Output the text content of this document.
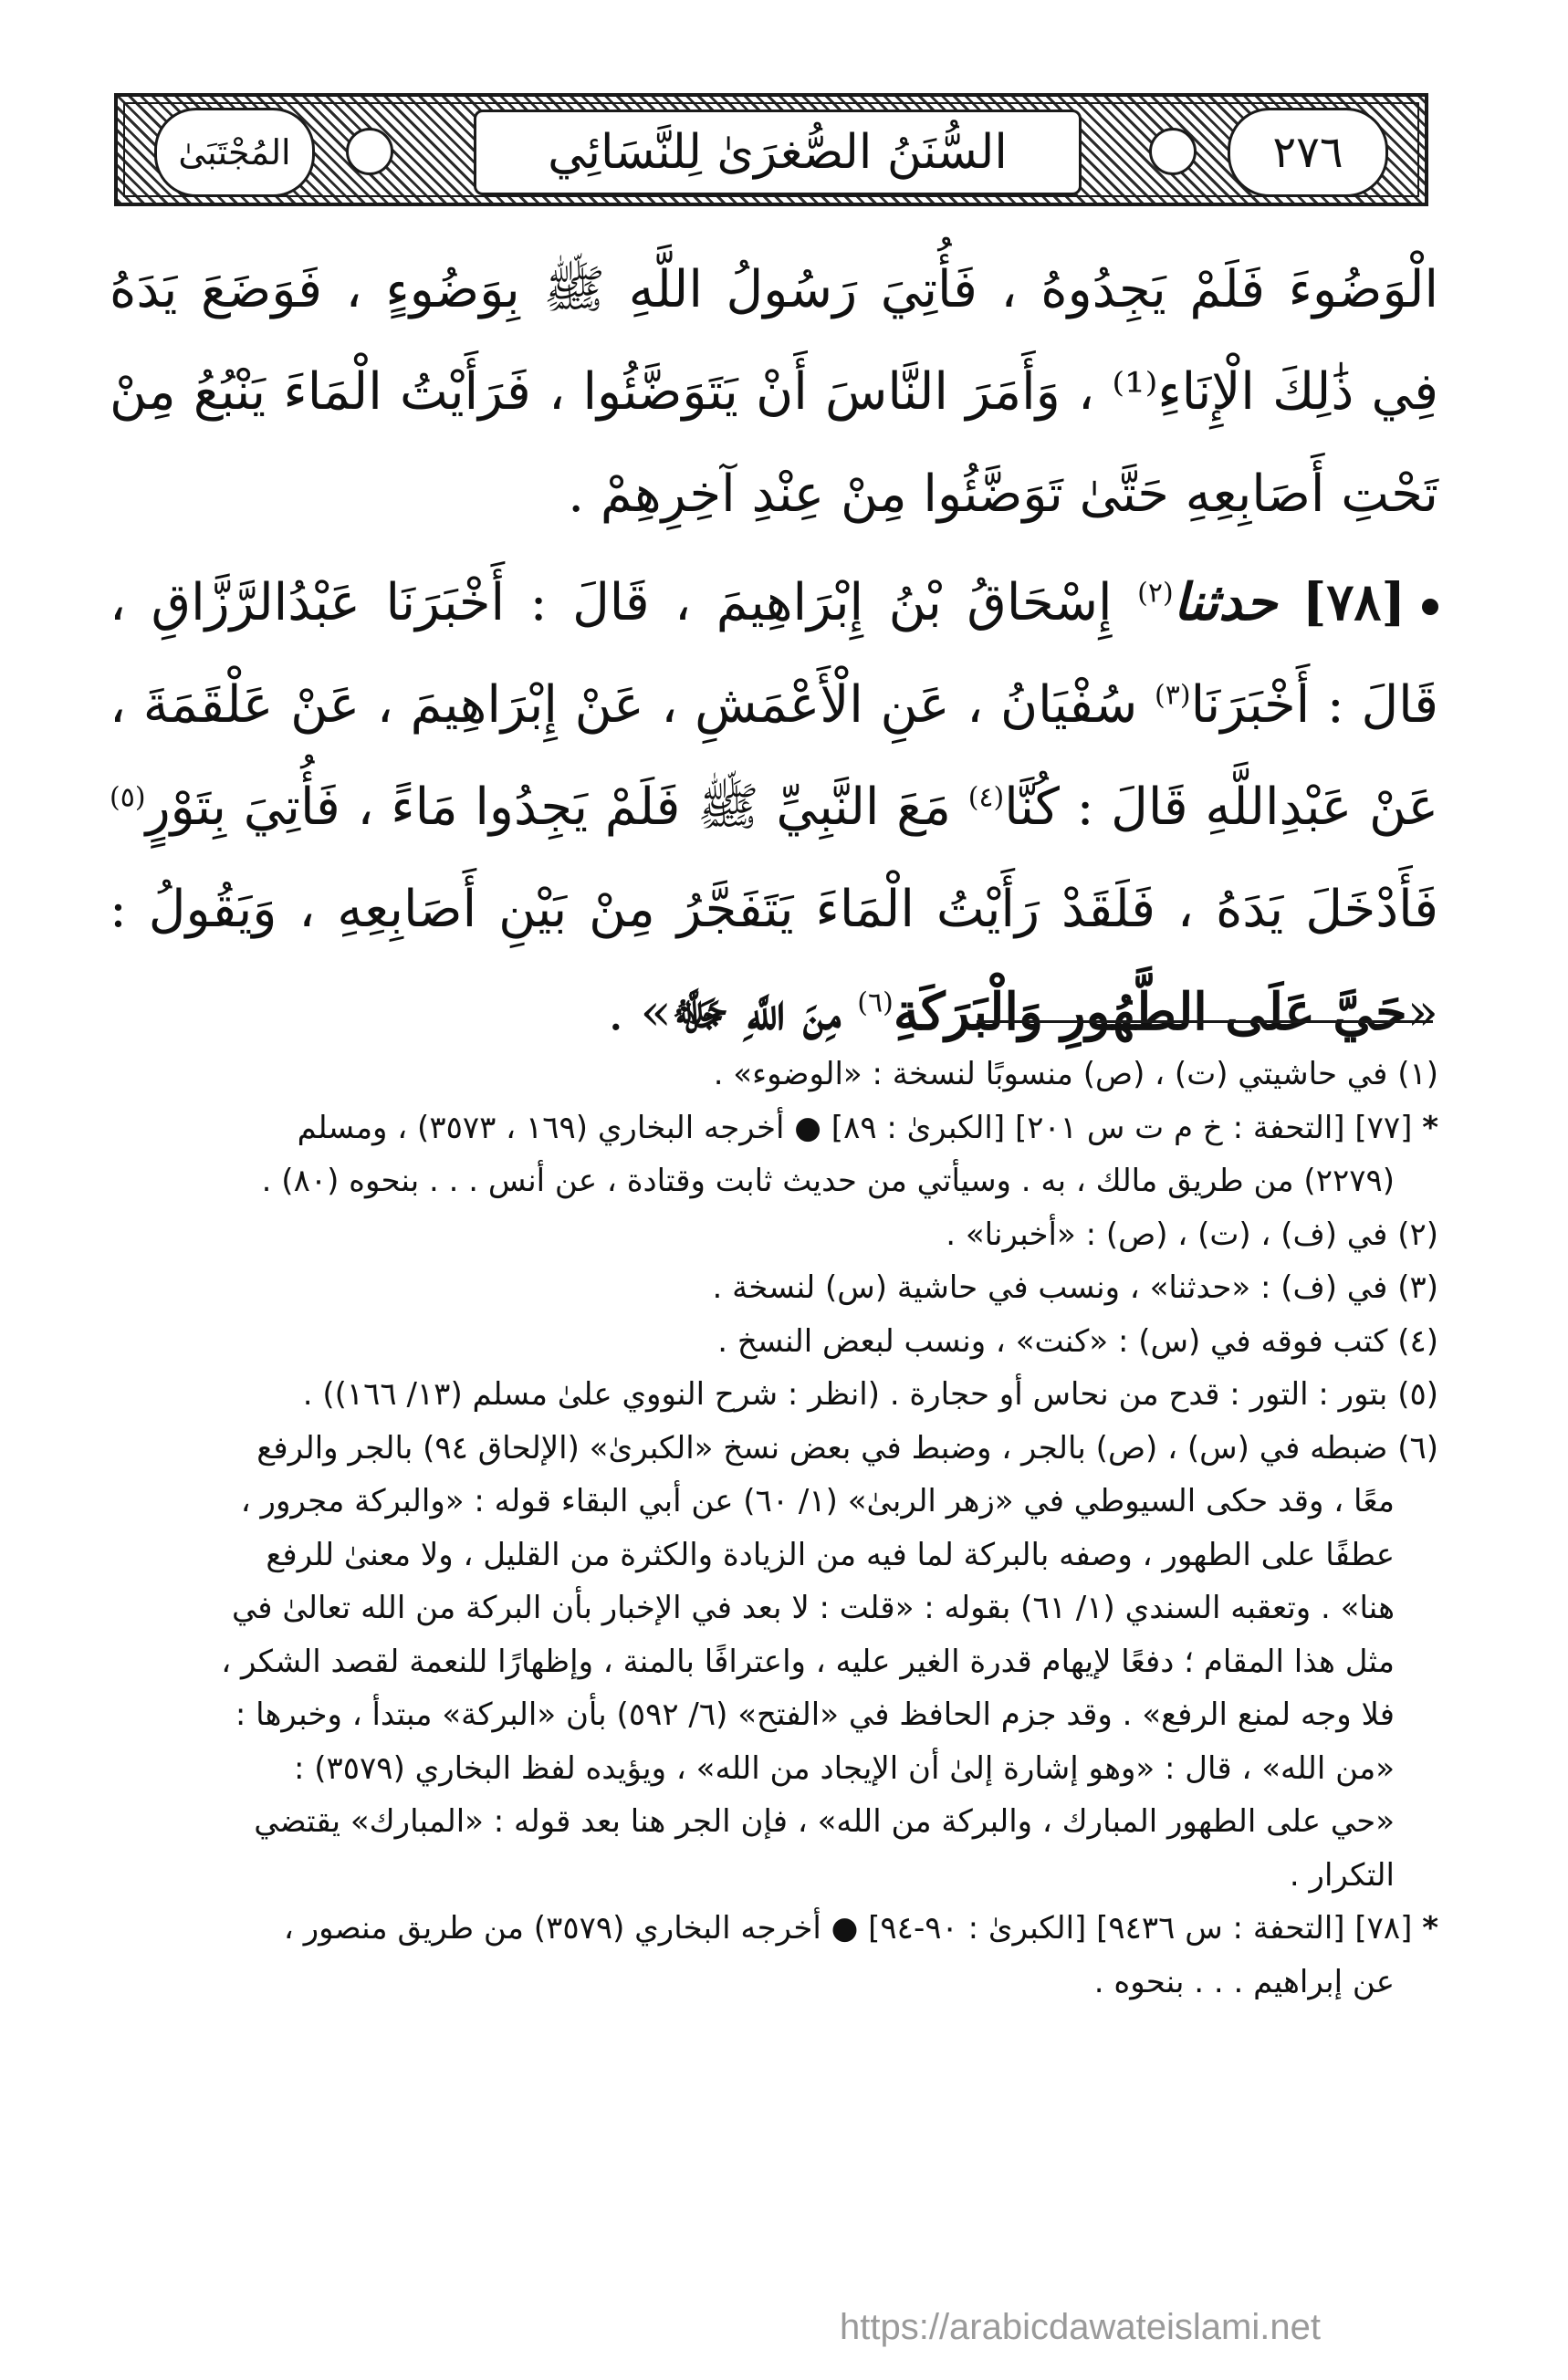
٢٧٦
السُّنَنُ الصُّغرَىٰ لِلنَّسَائِي
المُجْتَبَىٰ

الْوَضُوءَ فَلَمْ يَجِدُوهُ ، فَأُتِيَ رَسُولُ اللَّهِ ﷺ بِوَضُوءٍ ، فَوَضَعَ يَدَهُ فِي ذَٰلِكَ الْإِنَاءِ⁽¹⁾ ، وَأَمَرَ النَّاسَ أَنْ يَتَوَضَّئُوا ، فَرَأَيْتُ الْمَاءَ يَنْبُعُ مِنْ تَحْتِ أَصَابِعِهِ حَتَّىٰ تَوَضَّئُوا مِنْ عِنْدِ آخِرِهِمْ .

[٧٨] حدثنا$^{(٢)}$ إِسْحَاقُ بْنُ إِبْرَاهِيمَ ، قَالَ : أَخْبَرَنَا عَبْدُالرَّزَّاقِ ، قَالَ : أَخْبَرَنَا$^{(٣)}$ سُفْيَانُ ، عَنِ الْأَعْمَشِ ، عَنْ إِبْرَاهِيمَ ، عَنْ عَلْقَمَةَ ، عَنْ عَبْدِاللَّهِ قَالَ : كُنَّا$^{(٤)}$ مَعَ النَّبِيِّ ﷺ فَلَمْ يَجِدُوا مَاءً ، فَأُتِيَ بِتَوْرٍ$^{(٥)}$ فَأَدْخَلَ يَدَهُ ، فَلَقَدْ رَأَيْتُ الْمَاءَ يَتَفَجَّرُ مِنْ بَيْنِ أَصَابِعِهِ ، وَيَقُولُ : «حَيَّ عَلَى الطَّهُورِ وَالْبَرَكَةِ$^{(٦)}$ مِنَ اللَّهِ ﷻ» .

(١) في حاشيتي (ت) ، (ص) منسوبًا لنسخة : «الوضوء» .

* [٧٧] [التحفة : خ م ت س ٢٠١] [الكبرىٰ : ٨٩] ● أخرجه البخاري (١٦٩ ، ٣٥٧٣) ، ومسلم

(٢٢٧٩) من طريق مالك ، به . وسيأتي من حديث ثابت وقتادة ، عن أنس . . . بنحوه (٨٠) .

(٢) في (ف) ، (ت) ، (ص) : «أخبرنا» .

(٣) في (ف) : «حدثنا» ، ونسب في حاشية (س) لنسخة .

(٤) كتب فوقه في (س) : «كنت» ، ونسب لبعض النسخ .

(٥) بتور : التور : قدح من نحاس أو حجارة . (انظر : شرح النووي علىٰ مسلم (١٣/ ١٦٦)) .

(٦) ضبطه في (س) ، (ص) بالجر ، وضبط في بعض نسخ «الكبرىٰ» (الإلحاق ٩٤) بالجر والرفع

معًا ، وقد حكى السيوطي في «زهر الربىٰ» (١/ ٦٠) عن أبي البقاء قوله : «والبركة مجرور ،

عطفًا على الطهور ، وصفه بالبركة لما فيه من الزيادة والكثرة من القليل ، ولا معنىٰ للرفع

هنا» . وتعقبه السندي (١/ ٦١) بقوله : «قلت : لا بعد في الإخبار بأن البركة من الله تعالىٰ في

مثل هذا المقام ؛ دفعًا لإيهام قدرة الغير عليه ، واعترافًا بالمنة ، وإظهارًا للنعمة لقصد الشكر ،

فلا وجه لمنع الرفع» . وقد جزم الحافظ في «الفتح» (٦/ ٥٩٢) بأن «البركة» مبتدأ ، وخبرها :

«من الله» ، قال : «وهو إشارة إلىٰ أن الإيجاد من الله» ، ويؤيده لفظ البخاري (٣٥٧٩) :

«حي على الطهور المبارك ، والبركة من الله» ، فإن الجر هنا بعد قوله : «المبارك» يقتضي

التكرار .

* [٧٨] [التحفة : س ٩٤٣٦] [الكبرىٰ : ٩٠-٩٤] ● أخرجه البخاري (٣٥٧٩) من طريق منصور ،

عن إبراهيم . . . بنحوه .

https://arabicdawateislami.net
